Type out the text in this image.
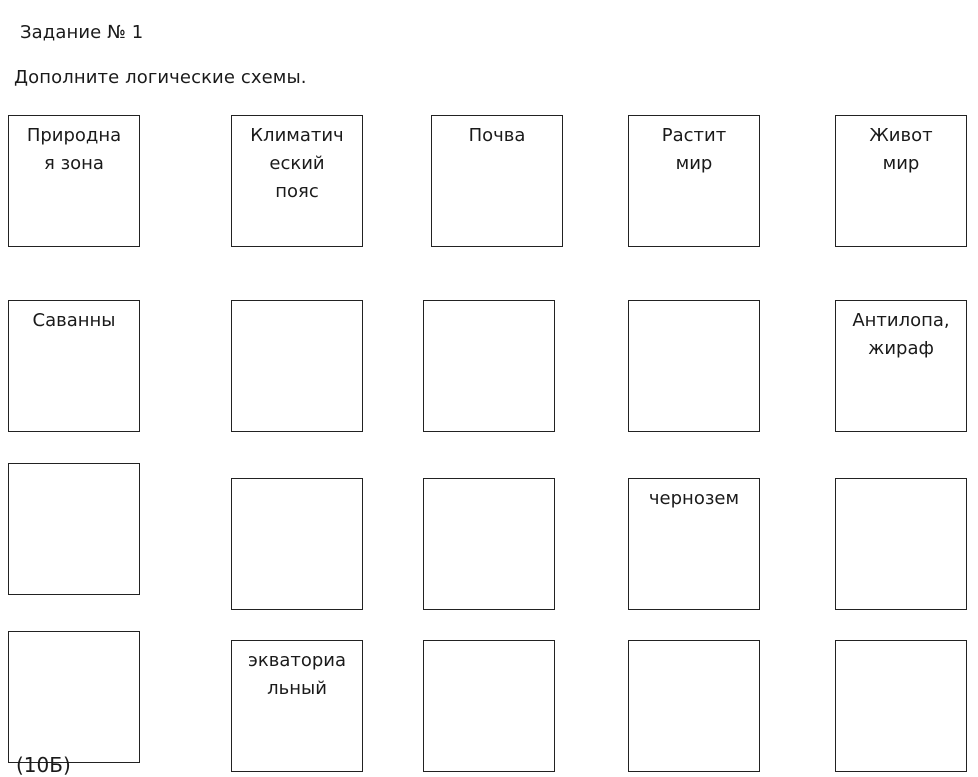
Задание № 1
Дополните логические схемы.
Природна
я зона
Климатич
еский
пояс
Почва	Растит
мир
Живот
мир
Саванны	Антилопа,
жираф
чернозем
экваториа
льный
(10Б)
